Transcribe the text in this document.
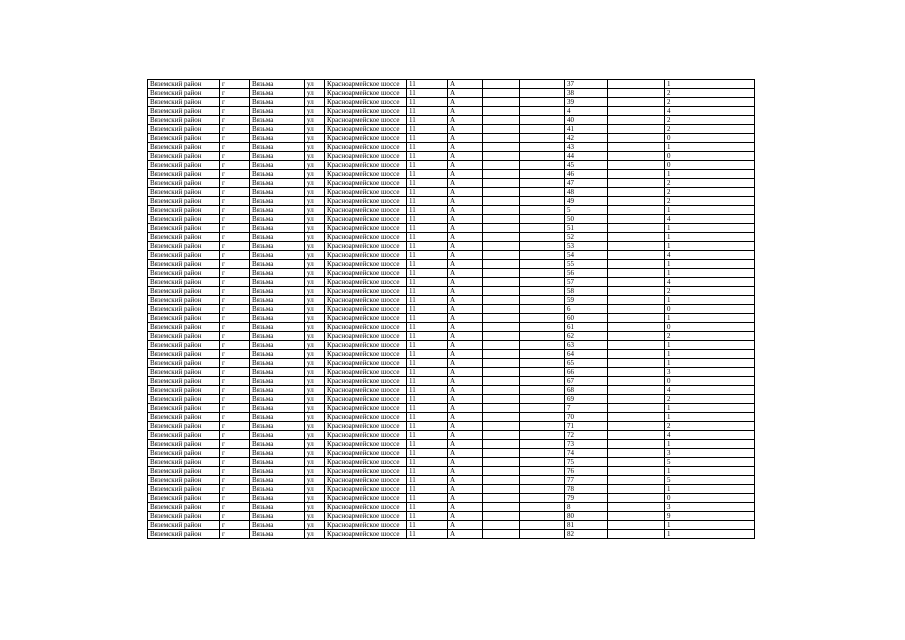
Вяземский район	г	Вязьма	ул	Красноармейское шоссе	11	А			37		1
Вяземский район	г	Вязьма	ул	Красноармейское шоссе	11	А			38		2
Вяземский район	г	Вязьма	ул	Красноармейское шоссе	11	А			39		2
Вяземский район	г	Вязьма	ул	Красноармейское шоссе	11	А			4		4
Вяземский район	г	Вязьма	ул	Красноармейское шоссе	11	А			40		2
Вяземский район	г	Вязьма	ул	Красноармейское шоссе	11	А			41		2
Вяземский район	г	Вязьма	ул	Красноармейское шоссе	11	А			42		0
Вяземский район	г	Вязьма	ул	Красноармейское шоссе	11	А			43		1
Вяземский район	г	Вязьма	ул	Красноармейское шоссе	11	А			44		0
Вяземский район	г	Вязьма	ул	Красноармейское шоссе	11	А			45		0
Вяземский район	г	Вязьма	ул	Красноармейское шоссе	11	А			46		1
Вяземский район	г	Вязьма	ул	Красноармейское шоссе	11	А			47		2
Вяземский район	г	Вязьма	ул	Красноармейское шоссе	11	А			48		2
Вяземский район	г	Вязьма	ул	Красноармейское шоссе	11	А			49		2
Вяземский район	г	Вязьма	ул	Красноармейское шоссе	11	А			5		1
Вяземский район	г	Вязьма	ул	Красноармейское шоссе	11	А			50		4
Вяземский район	г	Вязьма	ул	Красноармейское шоссе	11	А			51		1
Вяземский район	г	Вязьма	ул	Красноармейское шоссе	11	А			52		1
Вяземский район	г	Вязьма	ул	Красноармейское шоссе	11	А			53		1
Вяземский район	г	Вязьма	ул	Красноармейское шоссе	11	А			54		4
Вяземский район	г	Вязьма	ул	Красноармейское шоссе	11	А			55		1
Вяземский район	г	Вязьма	ул	Красноармейское шоссе	11	А			56		1
Вяземский район	г	Вязьма	ул	Красноармейское шоссе	11	А			57		4
Вяземский район	г	Вязьма	ул	Красноармейское шоссе	11	А			58		2
Вяземский район	г	Вязьма	ул	Красноармейское шоссе	11	А			59		1
Вяземский район	г	Вязьма	ул	Красноармейское шоссе	11	А			6		0
Вяземский район	г	Вязьма	ул	Красноармейское шоссе	11	А			60		1
Вяземский район	г	Вязьма	ул	Красноармейское шоссе	11	А			61		0
Вяземский район	г	Вязьма	ул	Красноармейское шоссе	11	А			62		2
Вяземский район	г	Вязьма	ул	Красноармейское шоссе	11	А			63		1
Вяземский район	г	Вязьма	ул	Красноармейское шоссе	11	А			64		1
Вяземский район	г	Вязьма	ул	Красноармейское шоссе	11	А			65		1
Вяземский район	г	Вязьма	ул	Красноармейское шоссе	11	А			66		3
Вяземский район	г	Вязьма	ул	Красноармейское шоссе	11	А			67		0
Вяземский район	г	Вязьма	ул	Красноармейское шоссе	11	А			68		4
Вяземский район	г	Вязьма	ул	Красноармейское шоссе	11	А			69		2
Вяземский район	г	Вязьма	ул	Красноармейское шоссе	11	А			7		1
Вяземский район	г	Вязьма	ул	Красноармейское шоссе	11	А			70		1
Вяземский район	г	Вязьма	ул	Красноармейское шоссе	11	А			71		2
Вяземский район	г	Вязьма	ул	Красноармейское шоссе	11	А			72		4
Вяземский район	г	Вязьма	ул	Красноармейское шоссе	11	А			73		1
Вяземский район	г	Вязьма	ул	Красноармейское шоссе	11	А			74		3
Вяземский район	г	Вязьма	ул	Красноармейское шоссе	11	А			75		5
Вяземский район	г	Вязьма	ул	Красноармейское шоссе	11	А			76		1
Вяземский район	г	Вязьма	ул	Красноармейское шоссе	11	А			77		5
Вяземский район	г	Вязьма	ул	Красноармейское шоссе	11	А			78		1
Вяземский район	г	Вязьма	ул	Красноармейское шоссе	11	А			79		0
Вяземский район	г	Вязьма	ул	Красноармейское шоссе	11	А			8		3
Вяземский район	г	Вязьма	ул	Красноармейское шоссе	11	А			80		9
Вяземский район	г	Вязьма	ул	Красноармейское шоссе	11	А			81		1
Вяземский район	г	Вязьма	ул	Красноармейское шоссе	11	А			82		1
